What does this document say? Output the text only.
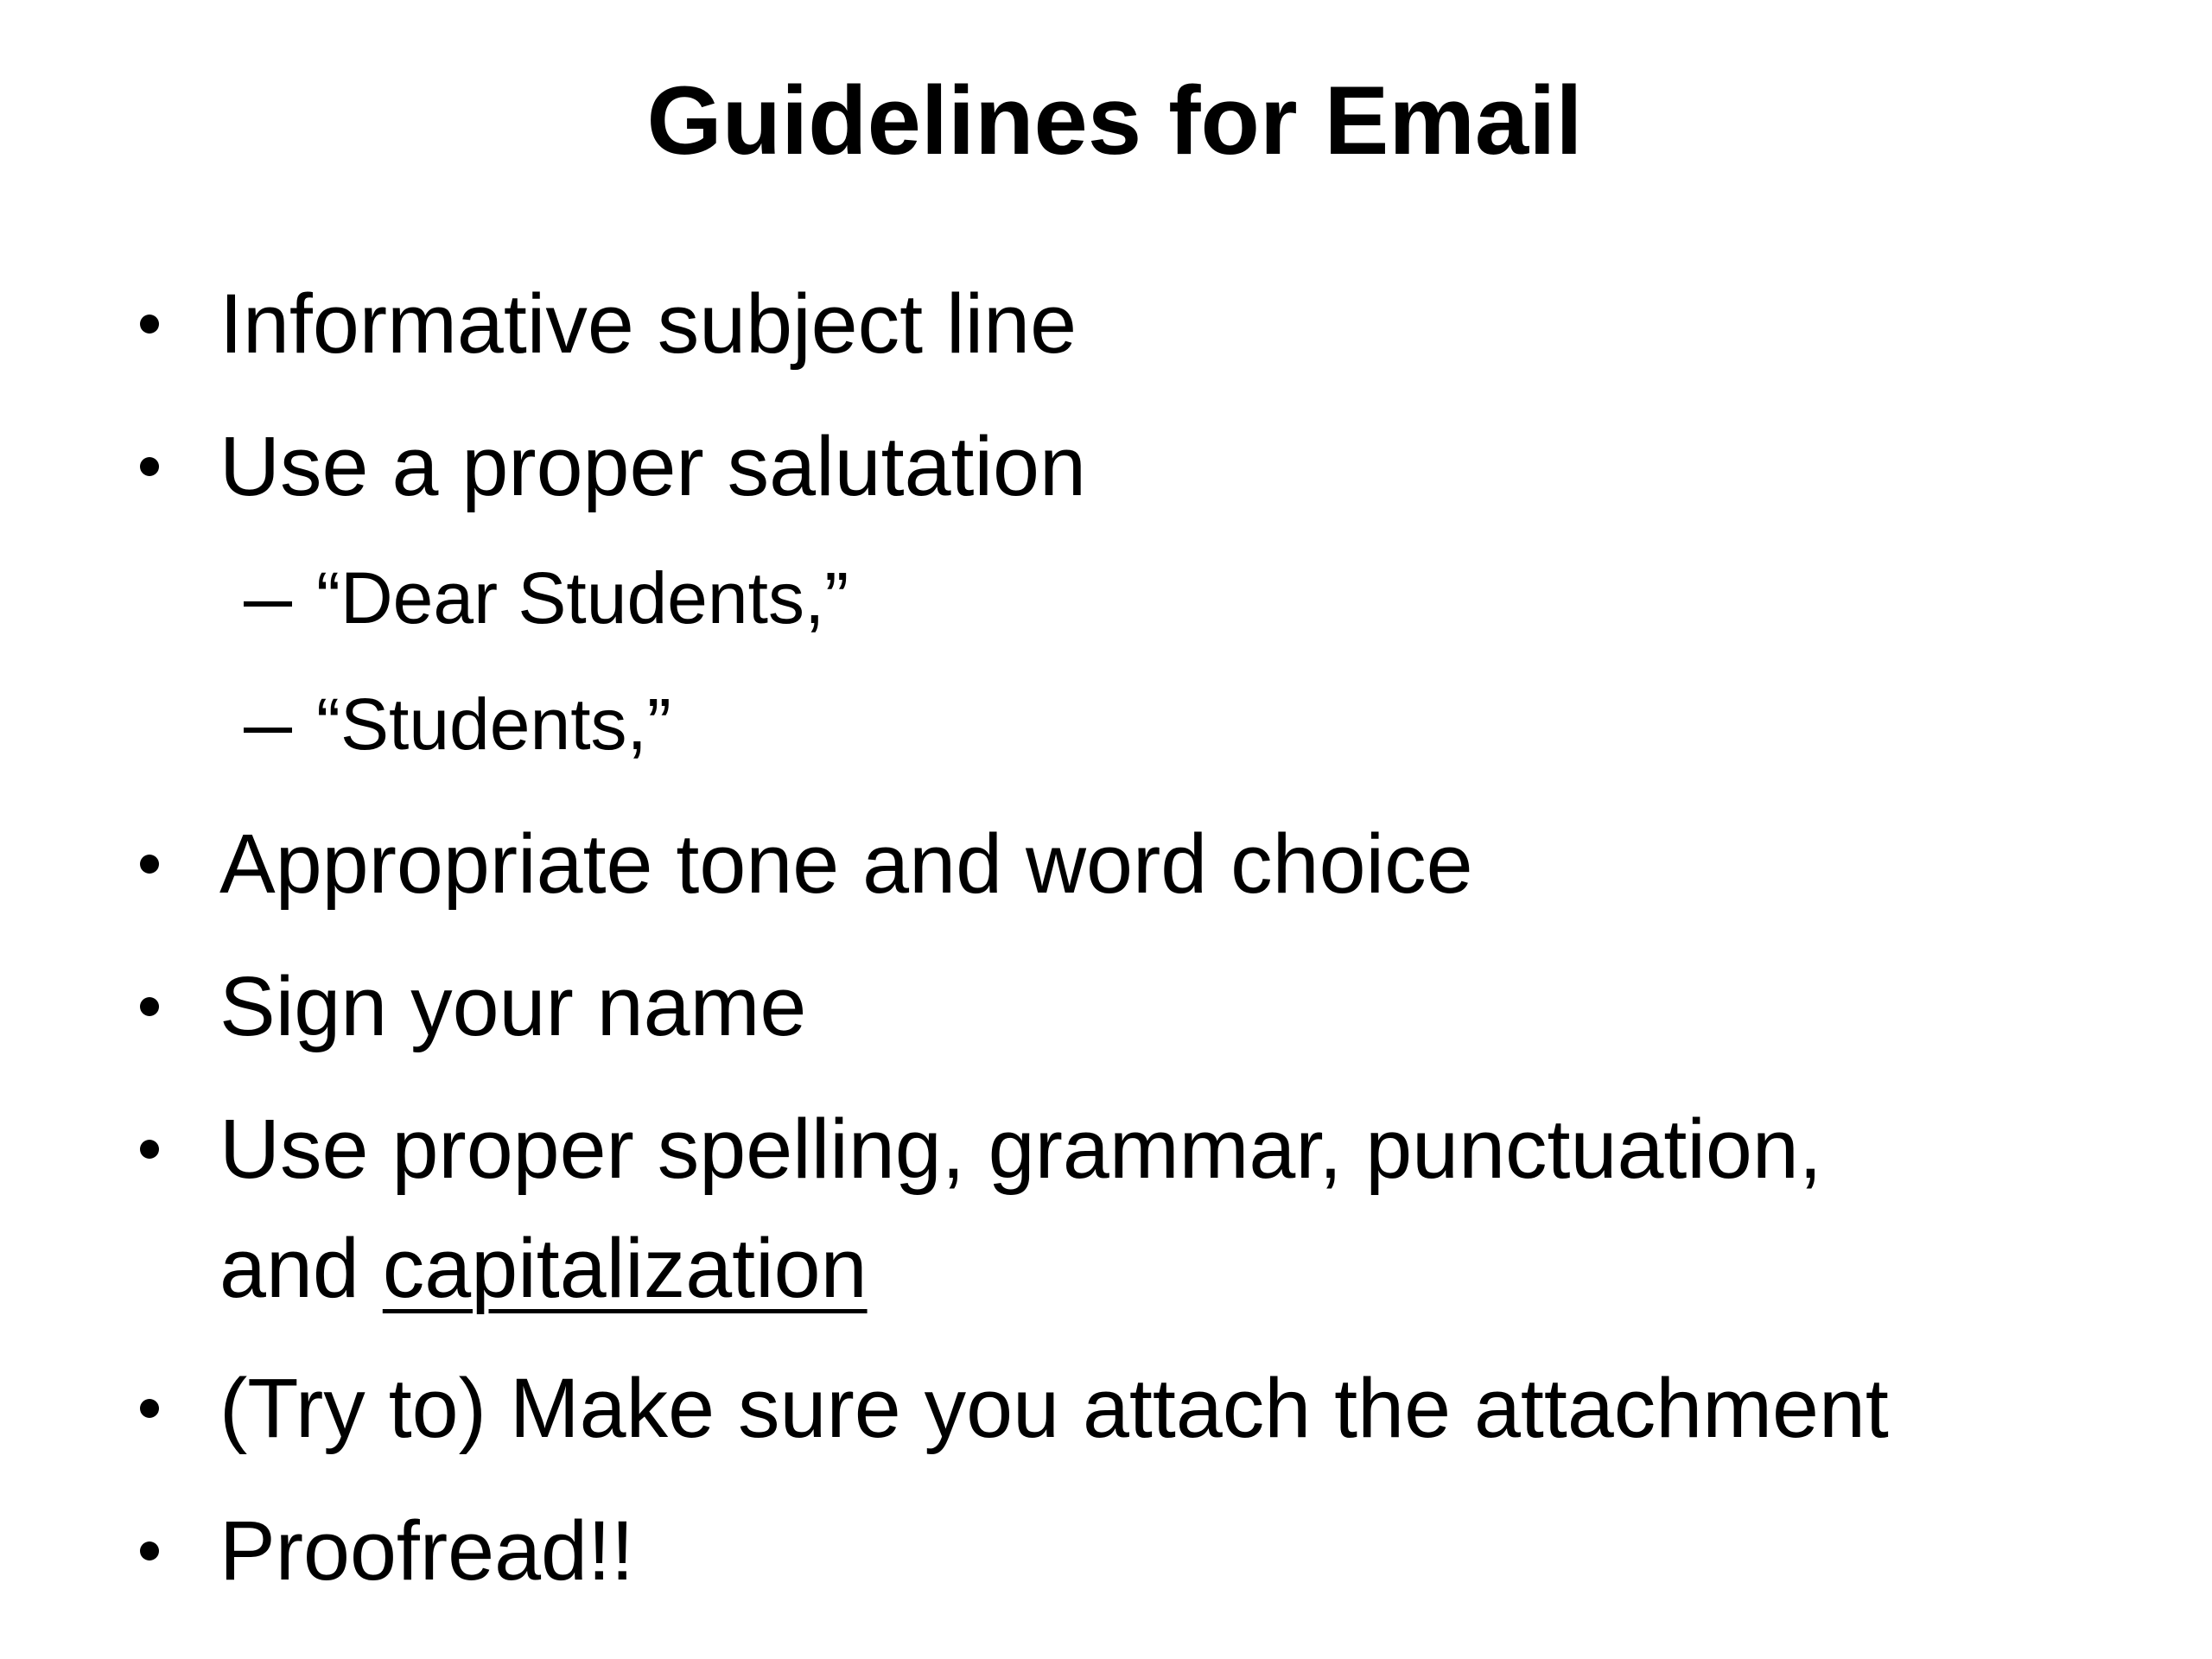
Guidelines for Email
Informative subject line
Use a proper salutation
“Dear Students,”
“Students,”
Appropriate tone and word choice
Sign your name
Use proper spelling, grammar, punctuation,
and capitalization
(Try to) Make sure you attach the attachment
Proofread!!
